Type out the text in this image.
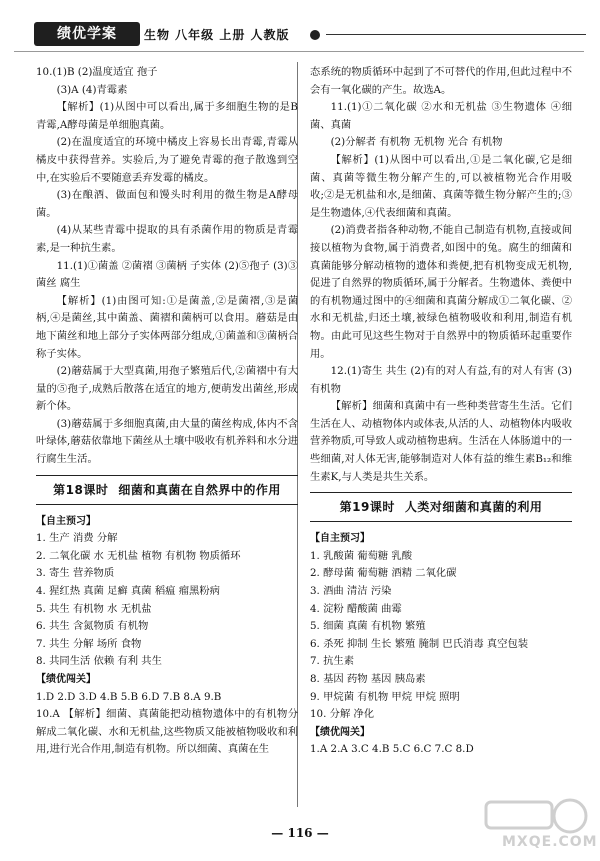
绩优学案	生物 八年级 上册 人教版

10.(1)B (2)温度适宜 孢子

(3)A (4)青霉素

【解析】(1)从图中可以看出,属于多细胞生物的是B青霉,A酵母菌是单细胞真菌。

(2)在温度适宜的环境中橘皮上容易长出青霉,青霉从橘皮中获得营养。实验后,为了避免青霉的孢子散逸到空中,在实验后不要随意丢弃发霉的橘皮。

(3)在酿酒、做面包和馒头时利用的微生物是A酵母菌。

(4)从某些青霉中提取的具有杀菌作用的物质是青霉素,是一种抗生素。

11.(1)①菌盖 ②菌褶 ③菌柄 子实体 (2)⑤孢子 (3)③ 菌丝 腐生

【解析】(1)由图可知:①是菌盖,②是菌褶,③是菌柄,④是菌丝,其中菌盖、菌褶和菌柄可以食用。蘑菇是由地下菌丝和地上部分子实体两部分组成,①菌盖和③菌柄合称子实体。

(2)蘑菇属于大型真菌,用孢子繁殖后代,②菌褶中有大量的⑤孢子,成熟后散落在适宜的地方,便萌发出菌丝,形成新个体。

(3)蘑菇属于多细胞真菌,由大量的菌丝构成,体内不含叶绿体,蘑菇依靠地下菌丝从土壤中吸收有机养料和水分进行腐生生活。

第18课时 细菌和真菌在自然界中的作用

【自主预习】

1. 生产 消费 分解

2. 二氧化碳 水 无机盐 植物 有机物 物质循环

3. 寄生 营养物质

4. 猩红热 真菌 足癣 真菌 稻瘟 瘤黑粉病

5. 共生 有机物 水 无机盐

6. 共生 含氮物质 有机物

7. 共生 分解 场所 食物

8. 共同生活 依赖 有利 共生

【绩优闯关】

1.D 2.D 3.D 4.B 5.B 6.D 7.B 8.A 9.B

10.A 【解析】细菌、真菌能把动植物遗体中的有机物分解成二氧化碳、水和无机盐,这些物质又能被植物吸收和利用,进行光合作用,制造有机物。所以细菌、真菌在生

态系统的物质循环中起到了不可替代的作用,但此过程中不会有一氧化碳的产生。故选A。

11.(1)①二氧化碳 ②水和无机盐 ③生物遗体 ④细菌、真菌

(2)分解者 有机物 无机物 光合 有机物

【解析】(1)从图中可以看出,①是二氧化碳,它是细菌、真菌等微生物分解产生的,可以被植物光合作用吸收;②是无机盐和水,是细菌、真菌等微生物分解产生的;③是生物遗体,④代表细菌和真菌。

(2)消费者指各种动物,不能自己制造有机物,直接或间接以植物为食物,属于消费者,如图中的兔。腐生的细菌和真菌能够分解动植物的遗体和粪便,把有机物变成无机物,促进了自然界的物质循环,属于分解者。生物遗体、粪便中的有机物通过图中的④细菌和真菌分解成①二氧化碳、②水和无机盐,归还土壤,被绿色植物吸收和利用,制造有机物。由此可见这些生物对于自然界中的物质循环起重要作用。

12.(1)寄生 共生 (2)有的对人有益,有的对人有害 (3)有机物

【解析】细菌和真菌中有一些种类营寄生生活。它们生活在人、动植物体内或体表,从活的人、动植物体内吸收营养物质,可导致人或动植物患病。生活在人体肠道中的一些细菌,对人体无害,能够制造对人体有益的维生素B₁₂和维生素K,与人类是共生关系。

第19课时 人类对细菌和真菌的利用

【自主预习】

1. 乳酸菌 葡萄糖 乳酸

2. 酵母菌 葡萄糖 酒精 二氧化碳

3. 酒曲 清洁 污染

4. 淀粉 醋酸菌 曲霉

5. 细菌 真菌 有机物 繁殖

6. 杀死 抑制 生长 繁殖 腌制 巴氏消毒 真空包装

7. 抗生素

8. 基因 药物 基因 胰岛素

9. 甲烷菌 有机物 甲烷 甲烷 照明

10. 分解 净化

【绩优闯关】

1.A 2.A 3.C 4.B 5.C 6.C 7.C 8.D

MXQE.COM
— 116 —
